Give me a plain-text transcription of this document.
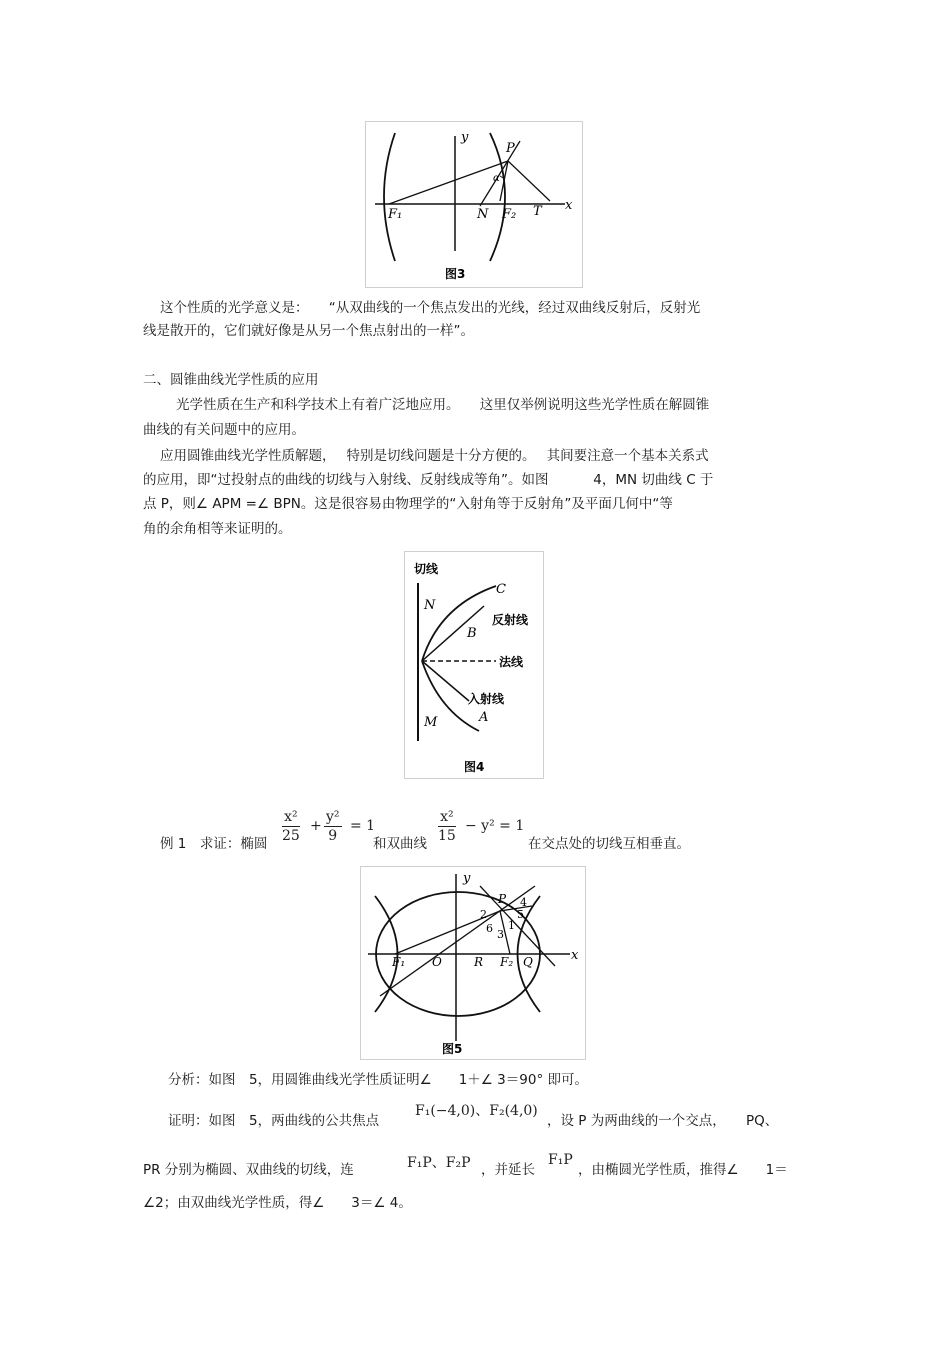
y
x
P
F₁	N F₂ T
α
图3
这个性质的光学意义是：　　“从双曲线的一个焦点发出的光线，经过双曲线反射后，反射光
线是散开的，它们就好像是从另一个焦点射出的一样”。
二、圆锥曲线光学性质的应用
光学性质在生产和科学技术上有着广泛地应用。　　这里仅举例说明这些光学性质在解圆锥
曲线的有关问题中的应用。
应用圆锥曲线光学性质解题，　 特别是切线问题是十分方便的。　 其间要注意一个基本关系式
的应用，即“过投射点的曲线的切线与入射线、反射线成等角”。如图　　　 4，MN 切曲线 C 于
点 P，则∠ APM =∠ BPN。这是很容易由物理学的“入射角等于反射角”及平面几何中“等
角的余角相等来证明的。
切线
C
N
反射线
B
法线
入射线
M	A
图4
例 1　求证：椭圆 $\frac{\text{x²}}{25} + \frac{\text{y²}}{9} = 1$
和双曲线 $\frac{\text{x²}}{15} - y^2 = 1$
在交点处的切线互相垂直。
y
x
P
F₁ O	R F₂ Q
1
2
3
4
5
6
图5
分析：如图　5，用圆锥曲线光学性质证明∠　　1＋∠ 3＝90° 即可。
证明：如图　5，两曲线的公共焦点
F₁(−4,0)、F₂(4,0)
，设 P 为两曲线的一个交点，　　PQ、
PR 分别为椭圆、双曲线的切线，连	F₁P、F₂P ，并延长
F₁P
，由椭圆光学性质，推得∠　　1＝
∠2；由双曲线光学性质，得∠　　3＝∠ 4。
